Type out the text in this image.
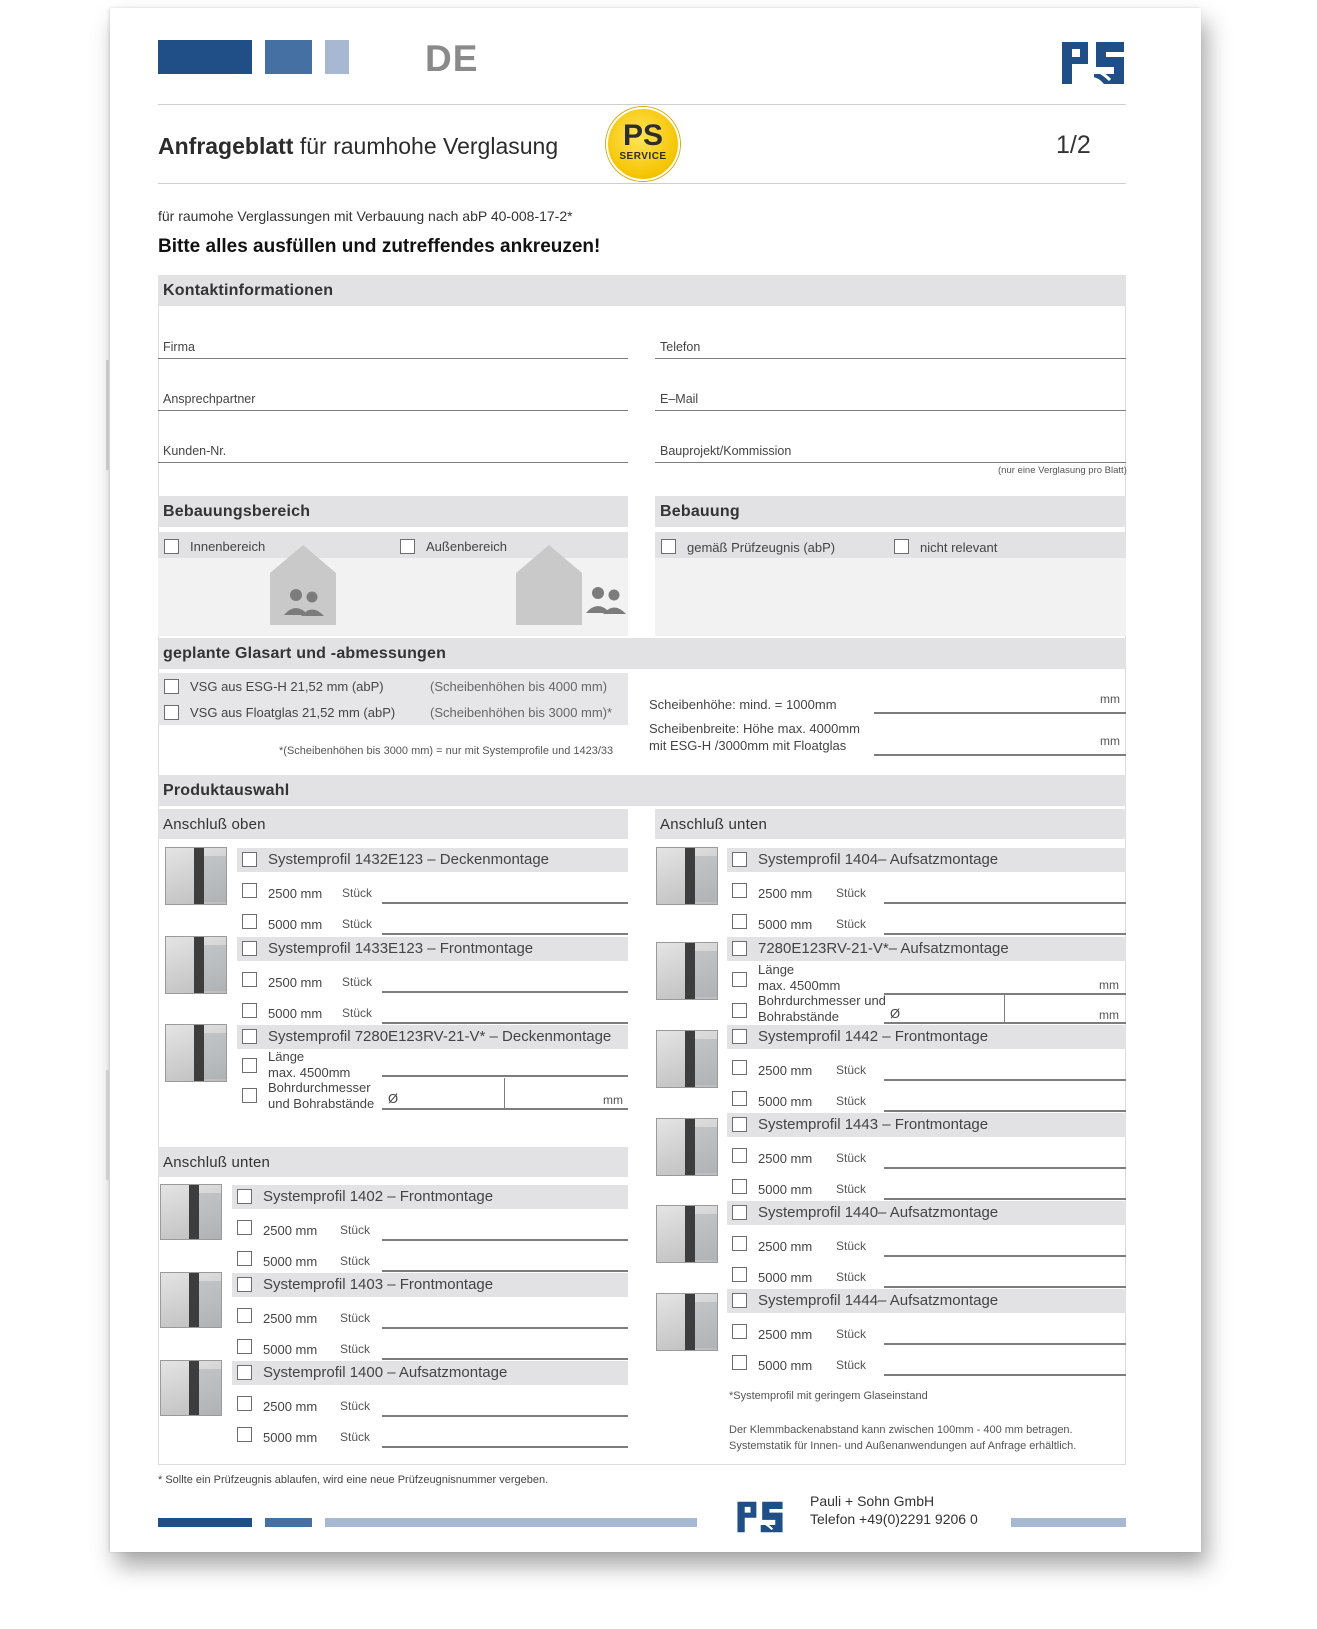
DE
Anfrageblatt für raumhohe Verglasung	PS
SERVICE	1/2
für raumohe Verglassungen mit Verbauung nach abP 40-008-17-2*
Bitte alles ausfüllen und zutreffendes ankreuzen!
Kontaktinformationen
Firma	Telefon
Ansprechpartner	E–Mail
Kunden-Nr.	Bauprojekt/Kommission
(nur eine Verglasung pro Blatt)
Bebauungsbereich
Innenbereich	Außenbereich
Bebauung
gemäß Prüfzeugnis (abP)	nicht relevant
geplante Glasart und -abmessungen
VSG aus ESG-H 21,52 mm (abP)	(Scheibenhöhen bis 4000 mm)
VSG aus Floatglas 21,52 mm (abP)	(Scheibenhöhen bis 3000 mm)*
*(Scheibenhöhen bis 3000 mm) = nur mit Systemprofile und 1423/33
Scheibenhöhe: mind. = 1000mm	mm
Scheibenbreite: Höhe max. 4000mm
mit ESG-H /3000mm mit Floatglas	mm
Produktauswahl
Anschluß oben
Systemprofil 1432E123 – Deckenmontage
2500 mm Stück
5000 mm Stück
Systemprofil 1433E123 – Frontmontage
2500 mm Stück
5000 mm Stück
Systemprofil 7280E123RV-21-V* – Deckenmontage
Länge
max. 4500mm
Bohrdurchmesser
und Bohrabstände Ø	mm
Anschluß unten
Systemprofil 1402 – Frontmontage
2500 mm Stück
5000 mm Stück
Systemprofil 1403 – Frontmontage
2500 mm Stück
5000 mm Stück
Systemprofil 1400 – Aufsatzmontage
2500 mm Stück
5000 mm Stück
Anschluß unten
Systemprofil 1404– Aufsatzmontage
2500 mm Stück
5000 mm Stück
7280E123RV-21-V*– Aufsatzmontage
Länge
max. 4500mm	mm
Bohrdurchmesser und
Bohrabstände	Ø	mm
Systemprofil 1442 – Frontmontage
2500 mm Stück
5000 mm Stück
Systemprofil 1443 – Frontmontage
2500 mm Stück
5000 mm Stück
Systemprofil 1440– Aufsatzmontage
2500 mm Stück
5000 mm Stück
Systemprofil 1444– Aufsatzmontage
2500 mm Stück
5000 mm Stück
*Systemprofil mit geringem Glaseinstand
Der Klemmbackenabstand kann zwischen 100mm - 400 mm betragen.
Systemstatik für Innen- und Außenanwendungen auf Anfrage erhältlich.
* Sollte ein Prüfzeugnis ablaufen, wird eine neue Prüfzeugnisnummer vergeben.
Pauli + Sohn GmbH
Telefon +49(0)2291 9206 0
